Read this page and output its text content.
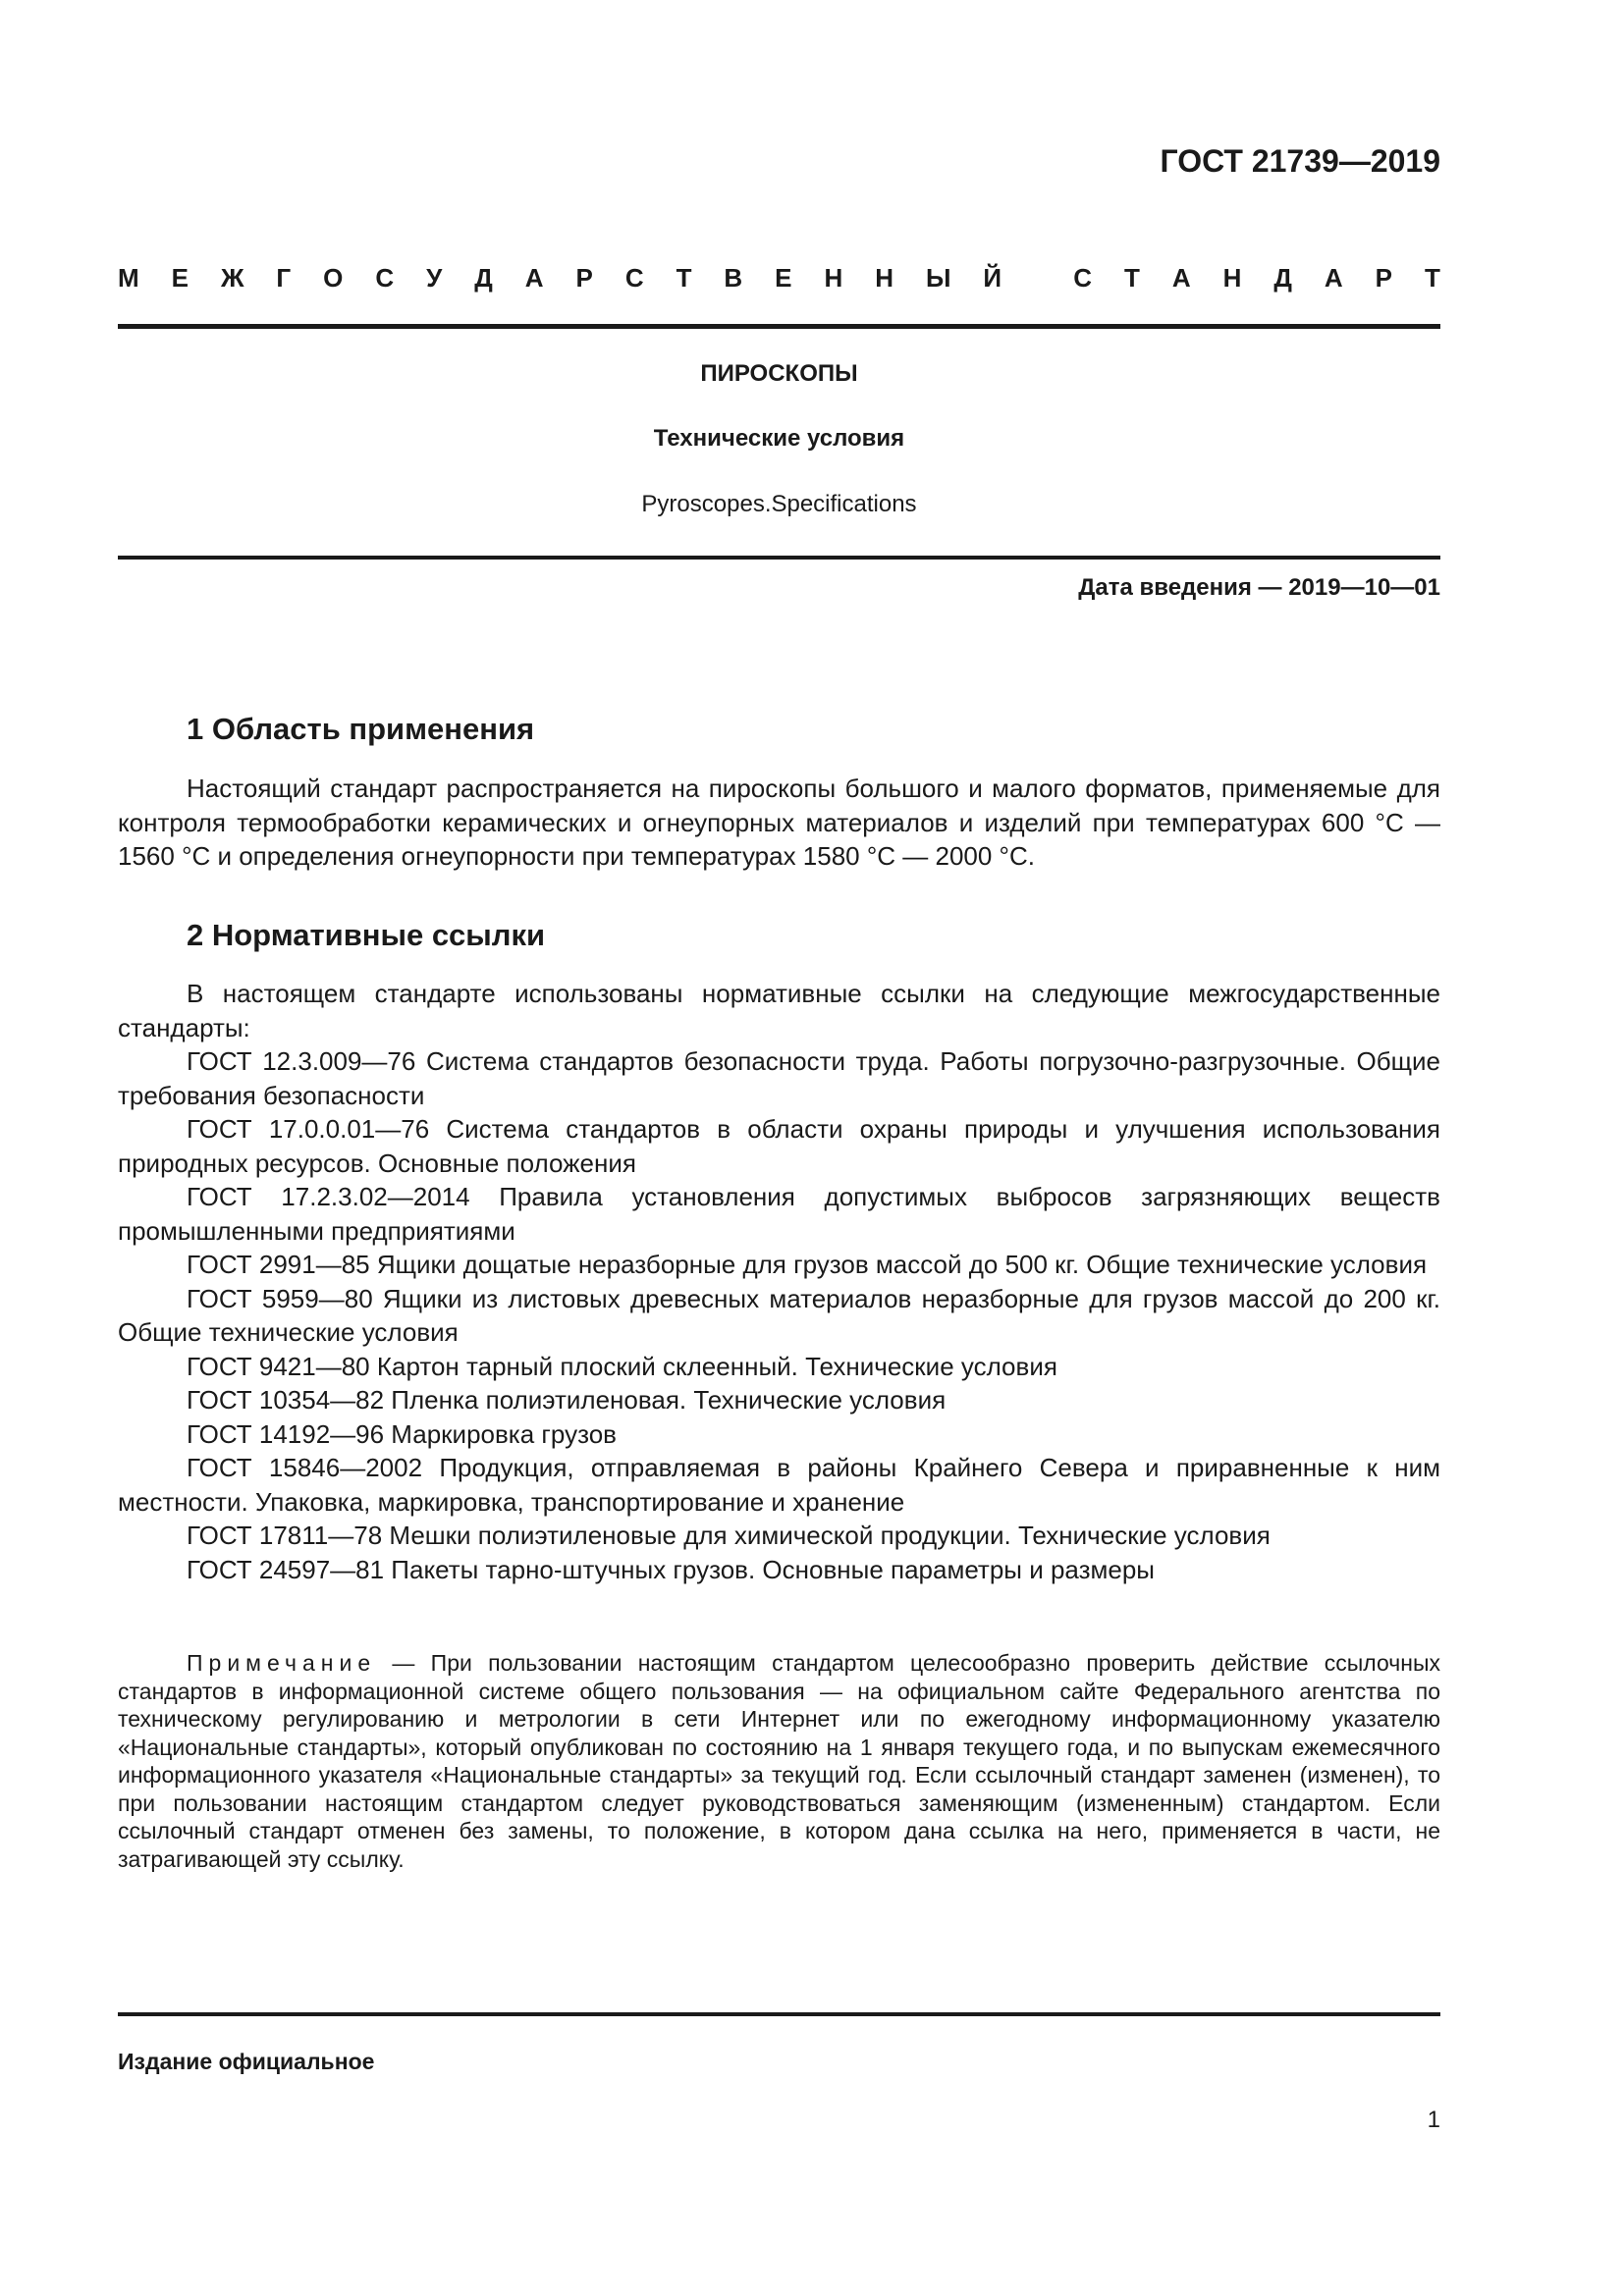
ГОСТ 21739—2019
М Е Ж Г О С У Д А Р С Т В Е Н Н Ы Й
	С Т А Н Д А Р Т
ПИРОСКОПЫ
Технические условия
Pyroscopes.Specifications
Дата введения — 2019—10—01
1 Область применения

Настоящий стандарт распространяется на пироскопы большого и малого форматов, применяемые для контроля термообработки керамических и огнеупорных материалов и изделий при температурах 600 °C — 1560 °C и определения огнеупорности при температурах 1580 °C — 2000 °C.

2 Нормативные ссылки

В настоящем стандарте использованы нормативные ссылки на следующие межгосударственные стандарты:

ГОСТ 12.3.009—76 Система стандартов безопасности труда. Работы погрузочно-разгрузочные. Общие требования безопасности

ГОСТ 17.0.0.01—76 Система стандартов в области охраны природы и улучшения использования природных ресурсов. Основные положения

ГОСТ 17.2.3.02—2014 Правила установления допустимых выбросов загрязняющих веществ промышленными предприятиями

ГОСТ 2991—85 Ящики дощатые неразборные для грузов массой до 500 кг. Общие технические условия

ГОСТ 5959—80 Ящики из листовых древесных материалов неразборные для грузов массой до 200 кг. Общие технические условия

ГОСТ 9421—80 Картон тарный плоский склеенный. Технические условия

ГОСТ 10354—82 Пленка полиэтиленовая. Технические условия

ГОСТ 14192—96 Маркировка грузов

ГОСТ 15846—2002 Продукция, отправляемая в районы Крайнего Севера и приравненные к ним местности. Упаковка, маркировка, транспортирование и хранение

ГОСТ 17811—78 Мешки полиэтиленовые для химической продукции. Технические условия

ГОСТ 24597—81 Пакеты тарно-штучных грузов. Основные параметры и размеры

Примечание — При пользовании настоящим стандартом целесообразно проверить действие ссылочных стандартов в информационной системе общего пользования — на официальном сайте Федерального агентства по техническому регулированию и метрологии в сети Интернет или по ежегодному информационному указателю «Национальные стандарты», который опубликован по состоянию на 1 января текущего года, и по выпускам ежемесячного информационного указателя «Национальные стандарты» за текущий год. Если ссылочный стандарт заменен (изменен), то при пользовании настоящим стандартом следует руководствоваться заменяющим (измененным) стандартом. Если ссылочный стандарт отменен без замены, то положение, в котором дана ссылка на него, применяется в части, не затрагивающей эту ссылку.

Издание официальное
1
